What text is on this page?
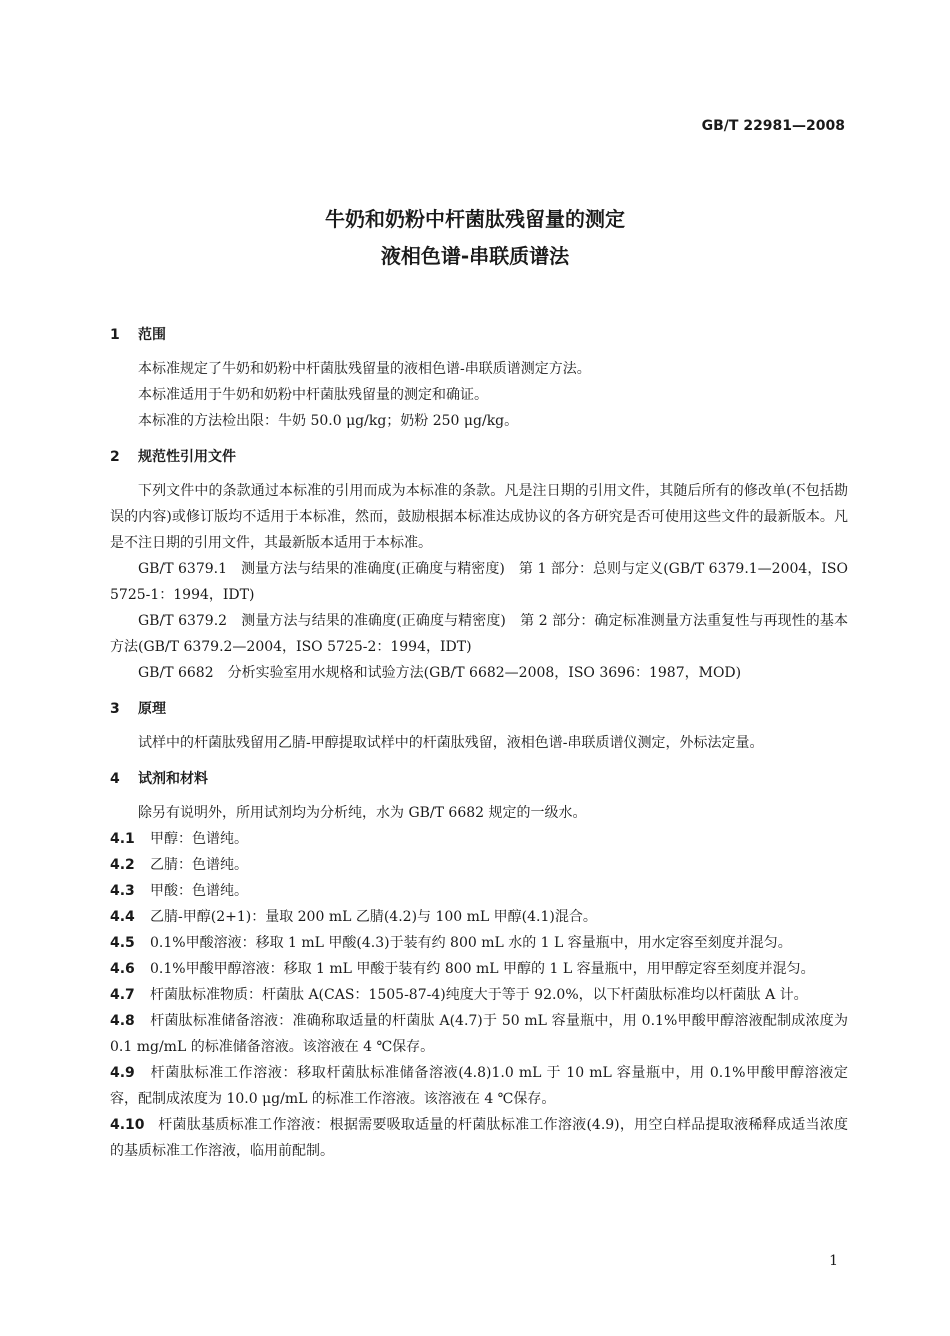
GB/T 22981—2008
牛奶和奶粉中杆菌肽残留量的测定
液相色谱-串联质谱法
1 范围

本标准规定了牛奶和奶粉中杆菌肽残留量的液相色谱-串联质谱测定方法。

本标准适用于牛奶和奶粉中杆菌肽残留量的测定和确证。

本标准的方法检出限：牛奶 50.0 μg/kg；奶粉 250 μg/kg。

2 规范性引用文件

下列文件中的条款通过本标准的引用而成为本标准的条款。凡是注日期的引用文件，其随后所有的修改单(不包括勘误的内容)或修订版均不适用于本标准，然而，鼓励根据本标准达成协议的各方研究是否可使用这些文件的最新版本。凡是不注日期的引用文件，其最新版本适用于本标准。

GB/T 6379.1　测量方法与结果的准确度(正确度与精密度)　第 1 部分：总则与定义(GB/T 6379.1—2004，ISO 5725-1：1994，IDT)

GB/T 6379.2　测量方法与结果的准确度(正确度与精密度)　第 2 部分：确定标准测量方法重复性与再现性的基本方法(GB/T 6379.2—2004，ISO 5725-2：1994，IDT)

GB/T 6682　分析实验室用水规格和试验方法(GB/T 6682—2008，ISO 3696：1987，MOD)

3 原理

试样中的杆菌肽残留用乙腈-甲醇提取试样中的杆菌肽残留，液相色谱-串联质谱仪测定，外标法定量。

4 试剂和材料

除另有说明外，所用试剂均为分析纯，水为 GB/T 6682 规定的一级水。

4.1 甲醇：色谱纯。

4.2 乙腈：色谱纯。

4.3 甲酸：色谱纯。

4.4 乙腈-甲醇(2+1)：量取 200 mL 乙腈(4.2)与 100 mL 甲醇(4.1)混合。

4.5 0.1%甲酸溶液：移取 1 mL 甲酸(4.3)于装有约 800 mL 水的 1 L 容量瓶中，用水定容至刻度并混匀。

4.6 0.1%甲酸甲醇溶液：移取 1 mL 甲酸于装有约 800 mL 甲醇的 1 L 容量瓶中，用甲醇定容至刻度并混匀。

4.7 杆菌肽标准物质：杆菌肽 A(CAS：1505-87-4)纯度大于等于 92.0%，以下杆菌肽标准均以杆菌肽 A 计。

4.8 杆菌肽标准储备溶液：准确称取适量的杆菌肽 A(4.7)于 50 mL 容量瓶中，用 0.1%甲酸甲醇溶液配制成浓度为 0.1 mg/mL 的标准储备溶液。该溶液在 4 ℃保存。

4.9 杆菌肽标准工作溶液：移取杆菌肽标准储备溶液(4.8)1.0 mL 于 10 mL 容量瓶中，用 0.1%甲酸甲醇溶液定容，配制成浓度为 10.0 μg/mL 的标准工作溶液。该溶液在 4 ℃保存。

4.10 杆菌肽基质标准工作溶液：根据需要吸取适量的杆菌肽标准工作溶液(4.9)，用空白样品提取液稀释成适当浓度的基质标准工作溶液，临用前配制。

1
